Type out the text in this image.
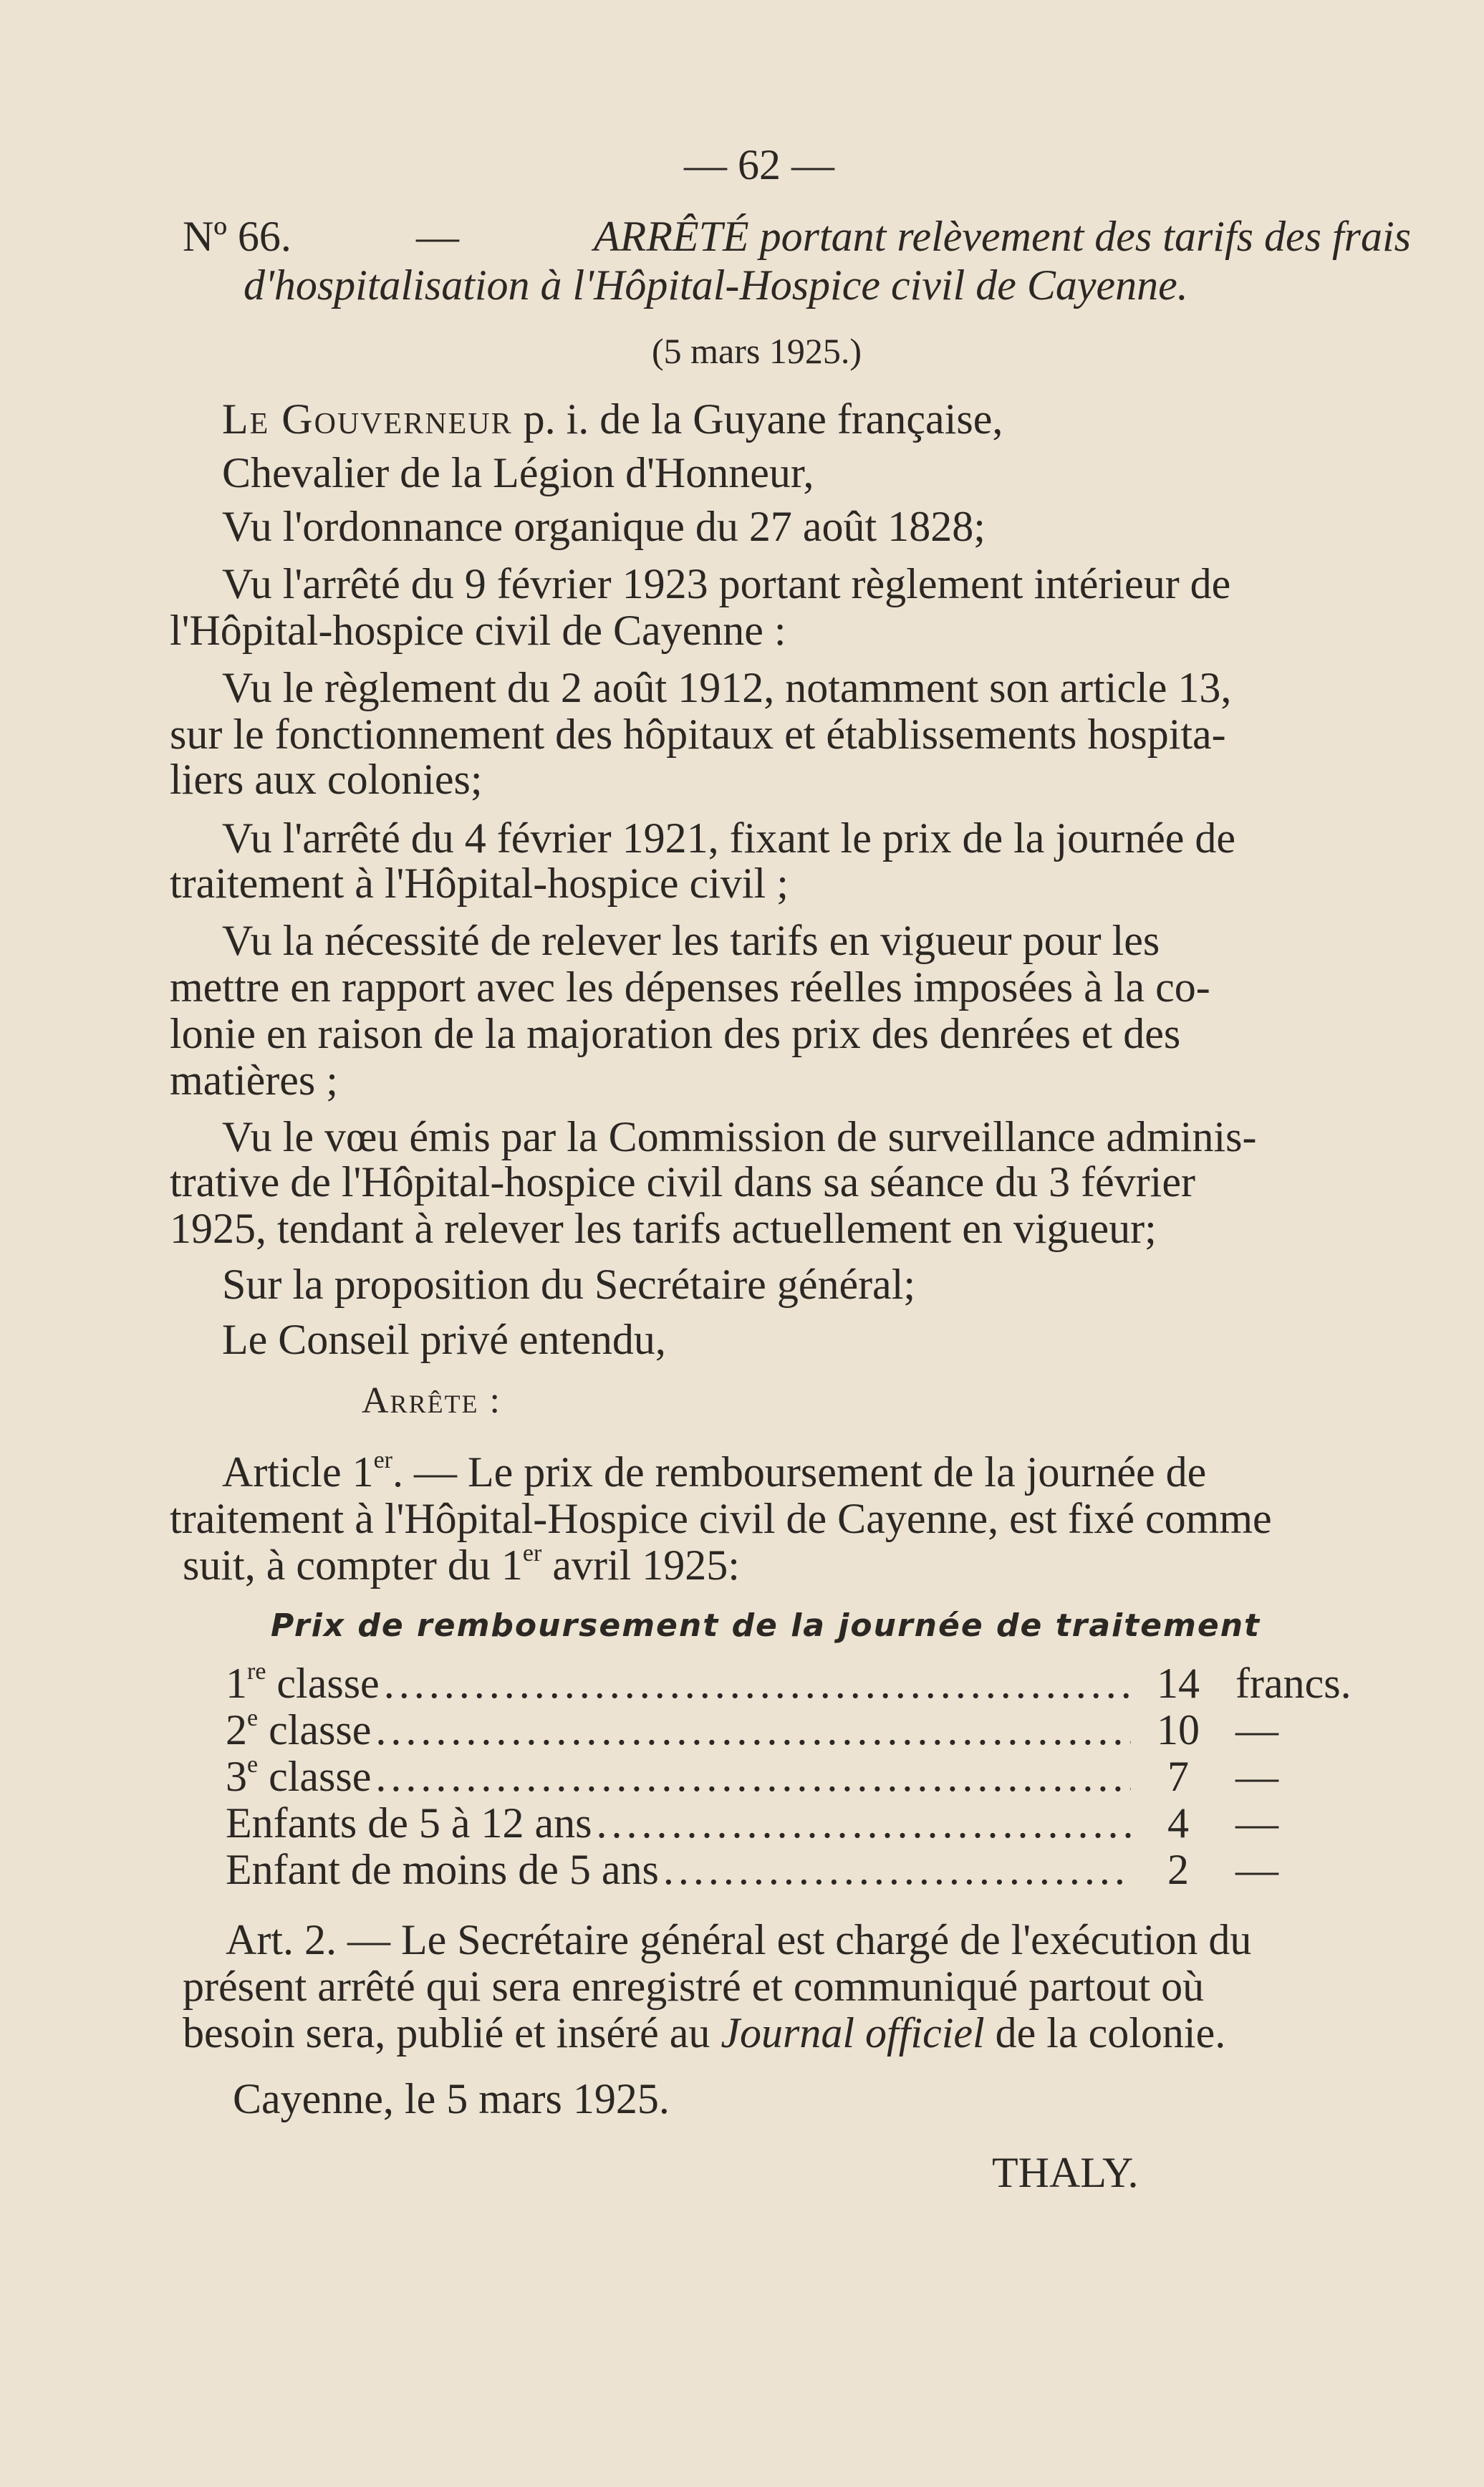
— 62 —
Nº 66.	—	ARRÊTÉ portant relèvement des tarifs des frais
d'hospitalisation à l'Hôpital-Hospice civil de Cayenne.
(5 mars 1925.)
Le Gouverneur p. i. de la Guyane française,
Chevalier de la Légion d'Honneur,
Vu l'ordonnance organique du 27 août 1828;
Vu l'arrêté du 9 février 1923 portant règlement intérieur de
l'Hôpital-hospice civil de Cayenne :
Vu le règlement du 2 août 1912, notamment son article 13,
sur le fonctionnement des hôpitaux et établissements hospita-
liers aux colonies;
Vu l'arrêté du 4 février 1921, fixant le prix de la journée de
traitement à l'Hôpital-hospice civil ;
Vu la nécessité de relever les tarifs en vigueur pour les
mettre en rapport avec les dépenses réelles imposées à la co-
lonie en raison de la majoration des prix des denrées et des
matières ;
Vu le vœu émis par la Commission de surveillance adminis-
trative de l'Hôpital-hospice civil dans sa séance du 3 février
1925, tendant à relever les tarifs actuellement en vigueur;
Sur la proposition du Secrétaire général;
Le Conseil privé entendu,
Arrête :
Article 1er. — Le prix de remboursement de la journée de
traitement à l'Hôpital-Hospice civil de Cayenne, est fixé comme
suit, à compter du 1er avril 1925:
Prix de remboursement de la journée de traitement
1re classe .....	14 francs.
2e classe .....	10 —
3e classe .....	7	—
Enfants de 5 à 12 ans .....	4	—
Enfant de moins de 5 ans .....	2	—
Art. 2. — Le Secrétaire général est chargé de l'exécution du
présent arrêté qui sera enregistré et communiqué partout où
besoin sera, publié et inséré au Journal officiel de la colonie.
Cayenne, le 5 mars 1925.
THALY.
